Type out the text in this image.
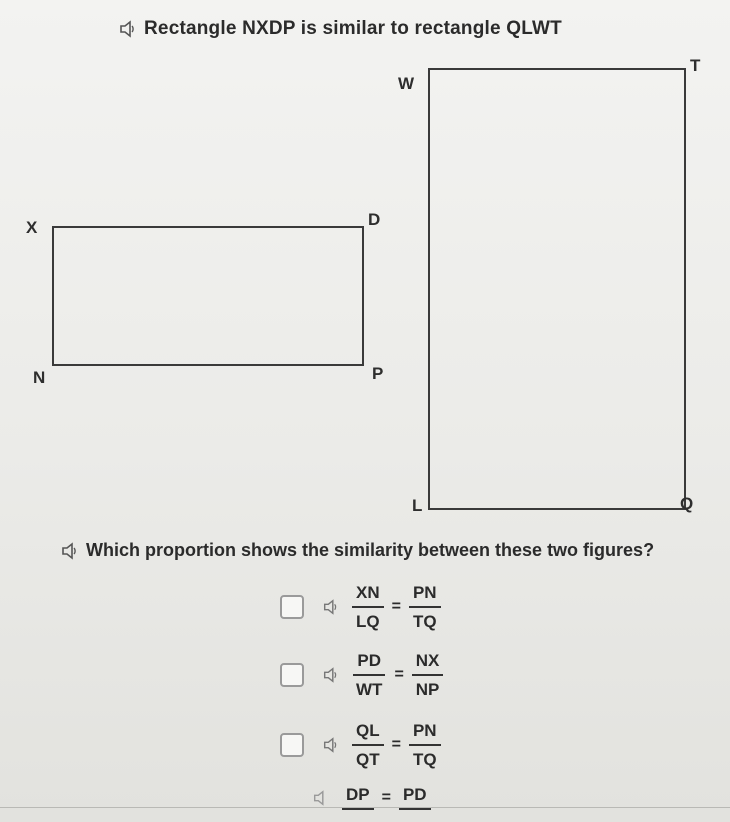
Rectangle NXDP is similar to rectangle QLWT
X	D
N	P
W
T
L	Q
Which proportion shows the similarity between these two figures?
$\frac{XN}{LQ} = \frac{PN}{TQ}$
$\frac{PD}{WT} = \frac{NX}{NP}$
$\frac{QL}{QT} = \frac{PN}{TQ}$
DP = PD
